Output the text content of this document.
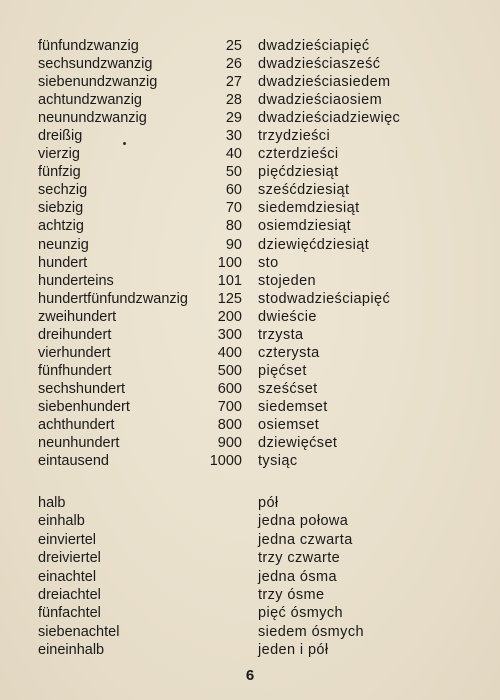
fünfundzwanzig	25 dwadzieściapięć
sechsundzwanzig	26 dwadzieściasześć
siebenundzwanzig	27 dwadzieściasiedem
achtundzwanzig	28 dwadzieściaosiem
neunundzwanzig	29 dwadzieściadziewięc
dreißig	30 trzydzieści
vierzig	40 czterdzieści
fünfzig	50 pięćdziesiąt
sechzig	60 sześćdziesiąt
siebzig	70 siedemdziesiąt
achtzig	80 osiemdziesiąt
neunzig	90 dziewięćdziesiąt
hundert	100 sto
hunderteins	101 stojeden
hundertfünfundzwanzig 125 stodwadzieściapięć
zweihundert	200 dwieście
dreihundert	300 trzysta
vierhundert	400 czterysta
fünfhundert	500 pięćset
sechshundert	600 sześćset
siebenhundert	700 siedemset
achthundert	800 osiemset
neunhundert	900 dziewięćset
eintausend	1000 tysiąc
halb	pół
einhalb	jedna połowa
einviertel	jedna czwarta
dreiviertel	trzy czwarte
einachtel	jedna ósma
dreiachtel	trzy ósme
fünfachtel	pięć ósmych
siebenachtel	siedem ósmych
eineinhalb	jeden i pół
6
